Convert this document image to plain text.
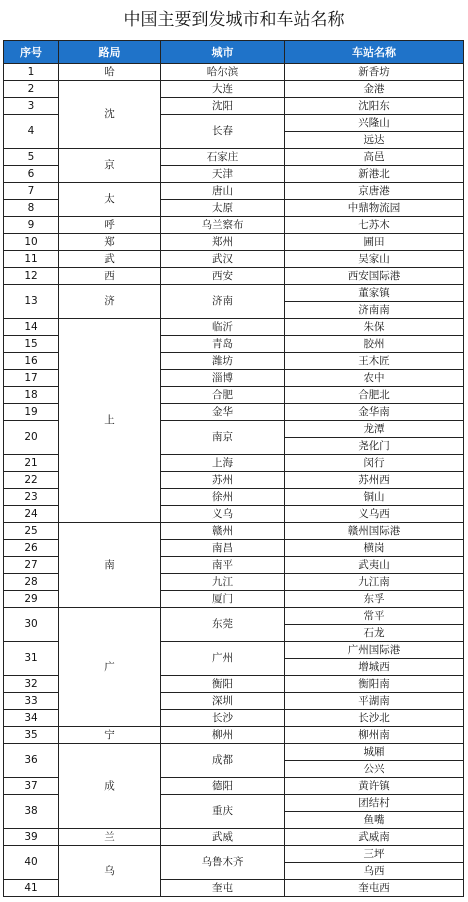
中国主要到发城市和车站名称
序号	路局	城市	车站名称
1	哈	哈尔滨	新香坊
2	沈	大连	金港
3		沈阳	沈阳东
4		长春	兴隆山
			远达
5	京	石家庄	高邑
6		天津	新港北
7	太	唐山	京唐港
8		太原	中鼎物流园
9	呼	乌兰察布	七苏木
10	郑	郑州	圃田
11	武	武汉	吴家山
12	西	西安	西安国际港
13	济	济南	董家镇
			济南南
14	上	临沂	朱保
15		青岛	胶州
16		潍坊	王木匠
17		淄博	农中
18		合肥	合肥北
19		金华	金华南
20		南京	龙潭
			尧化门
21		上海	闵行
22		苏州	苏州西
23		徐州	铜山
24		义乌	义乌西
25	南	赣州	赣州国际港
26		南昌	横岗
27		南平	武夷山
28		九江	九江南
29		厦门	东孚
30	广	东莞	常平
			石龙
31		广州	广州国际港
			增城西
32		衡阳	衡阳南
33		深圳	平湖南
34		长沙	长沙北
35	宁	柳州	柳州南
36	成	成都	城厢
			公兴
37		德阳	黄许镇
38		重庆	团结村
			鱼嘴
39	兰	武威	武威南
40	乌	乌鲁木齐	三坪
			乌西
41		奎屯	奎屯西
